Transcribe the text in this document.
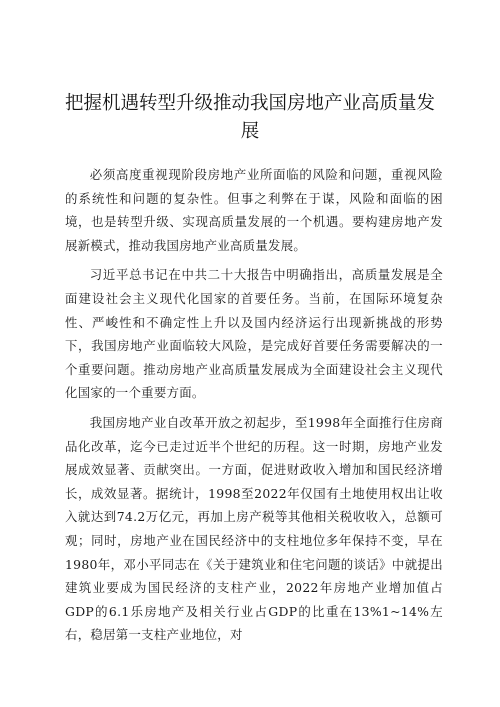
把握机遇转型升级推动我国房地产业高质量发展

必须高度重视现阶段房地产业所面临的风险和问题，重视风险的系统性和问题的复杂性。但事之利弊在于谋，风险和面临的困境，也是转型升级、实现高质量发展的一个机遇。要构建房地产发展新模式，推动我国房地产业高质量发展。

习近平总书记在中共二十大报告中明确指出，高质量发展是全面建设社会主义现代化国家的首要任务。当前，在国际环境复杂性、严峻性和不确定性上升以及国内经济运行出现新挑战的形势下，我国房地产业面临较大风险，是完成好首要任务需要解决的一个重要问题。推动房地产业高质量发展成为全面建设社会主义现代化国家的一个重要方面。

我国房地产业自改革开放之初起步，至1998年全面推行住房商品化改革，迄今已走过近半个世纪的历程。这一时期，房地产业发展成效显著、贡献突出。一方面，促进财政收入增加和国民经济增长，成效显著。据统计，1998至2022年仅国有土地使用权出让收入就达到74.2万亿元，再加上房产税等其他相关税收收入，总额可观；同时，房地产业在国民经济中的支柱地位多年保持不变，早在1980年，邓小平同志在《关于建筑业和住宅问题的谈话》中就提出建筑业要成为国民经济的支柱产业，2022年房地产业增加值占GDP的6.1乐房地产及相关行业占GDP的比重在13%1~14%左右，稳居第一支柱产业地位，对
